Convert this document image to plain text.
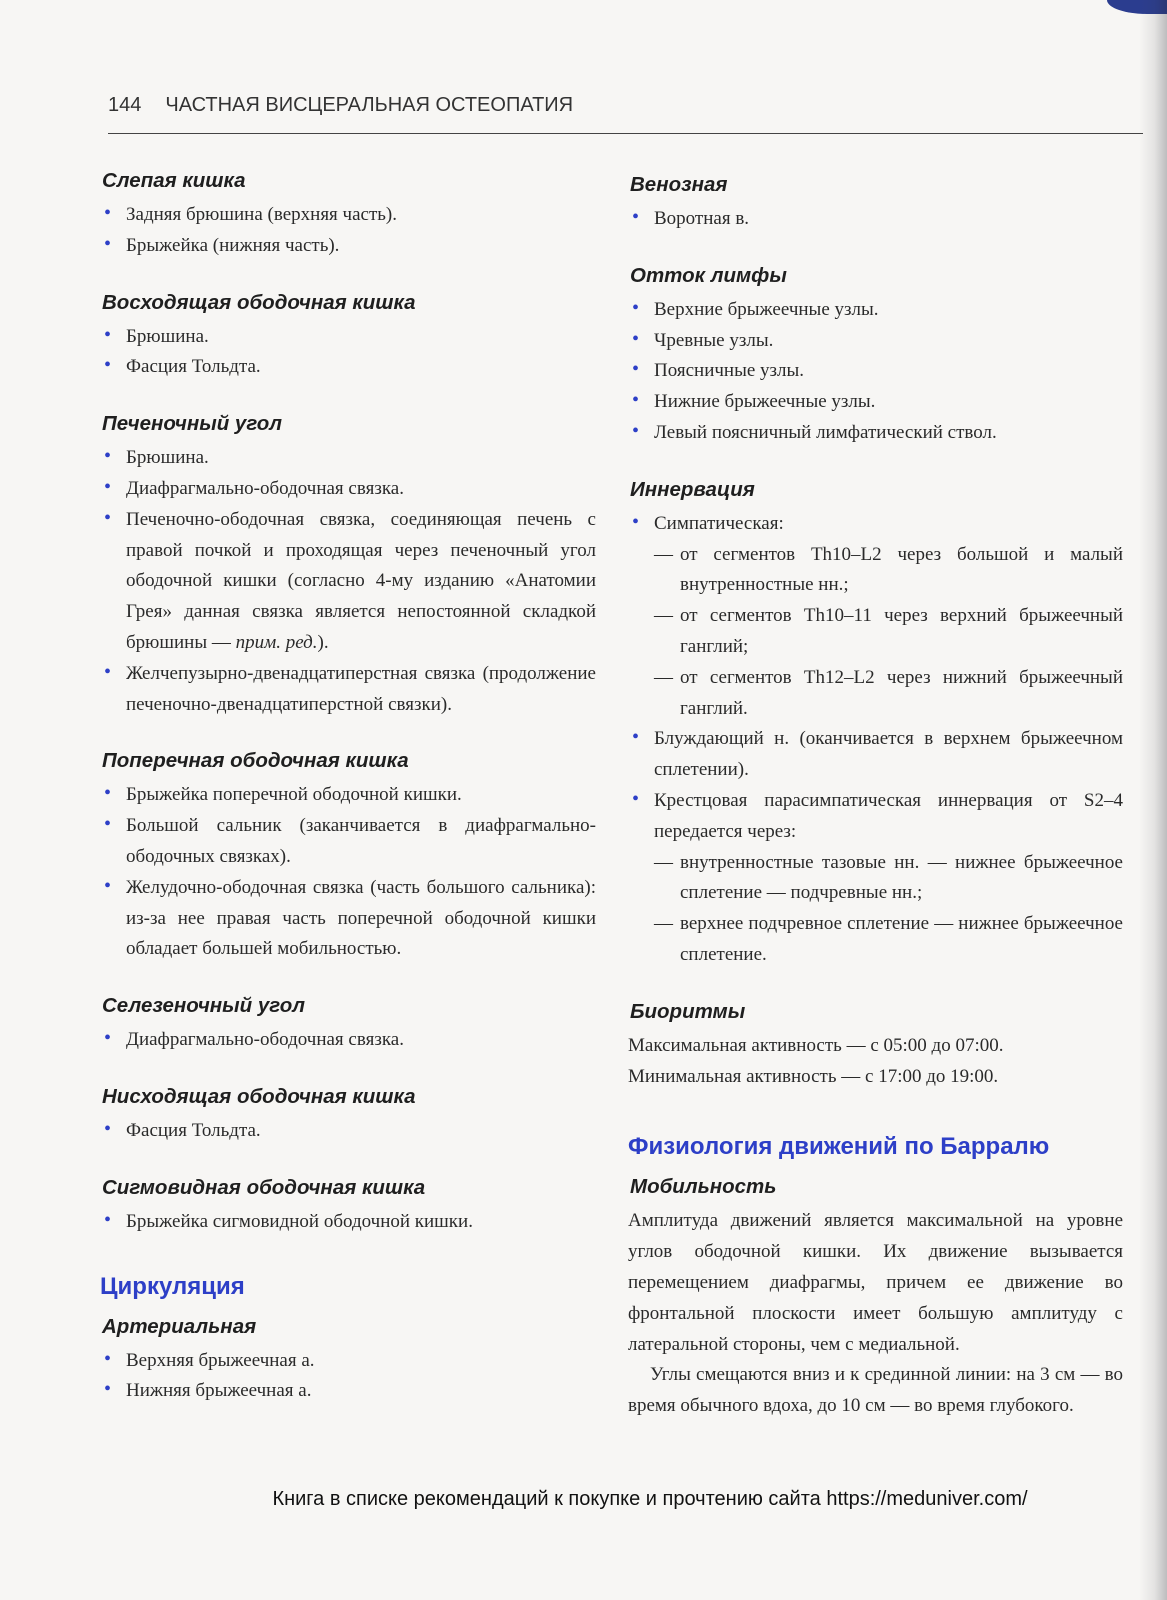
144 ЧАСТНАЯ ВИСЦЕРАЛЬНАЯ ОСТЕОПАТИЯ
Слепая кишка
• Задняя брюшина (верхняя часть).
• Брыжейка (нижняя часть).
Восходящая ободочная кишка
• Брюшина.
• Фасция Тольдта.
Печеночный угол
• Брюшина.
• Диафрагмально-ободочная связка.
• Печеночно-ободочная связка, соединяющая печень с правой почкой и проходящая через печеночный угол ободочной кишки (согласно 4-му изданию «Анатомии Грея» данная связка является непостоянной складкой брюшины — прим. ред.).
• Желчепузырно-двенадцатиперстная связка (продолжение печеночно-двенадцатиперстной связки).
Поперечная ободочная кишка
• Брыжейка поперечной ободочной кишки.
• Большой сальник (заканчивается в диафрагмально-ободочных связках).
• Желудочно-ободочная связка (часть большого сальника): из-за нее правая часть поперечной ободочной кишки обладает большей мобильностью.
Селезеночный угол
• Диафрагмально-ободочная связка.
Нисходящая ободочная кишка
• Фасция Тольдта.
Сигмовидная ободочная кишка
• Брыжейка сигмовидной ободочной кишки.
Циркуляция
Артериальная
• Верхняя брыжеечная а.
• Нижняя брыжеечная а.
Венозная
• Воротная в.
Отток лимфы
• Верхние брыжеечные узлы.
• Чревные узлы.
• Поясничные узлы.
• Нижние брыжеечные узлы.
• Левый поясничный лимфатический ствол.
Иннервация
• Симпатическая:
— от сегментов Th10–L2 через большой и малый внутренностные нн.;
— от сегментов Th10–11 через верхний брыжеечный ганглий;
— от сегментов Th12–L2 через нижний брыжеечный ганглий.
• Блуждающий н. (оканчивается в верхнем брыжеечном сплетении).
• Крестцовая парасимпатическая иннервация от S2–4 передается через:
— внутренностные тазовые нн. — нижнее брыжеечное сплетение — подчревные нн.;
— верхнее подчревное сплетение — нижнее брыжеечное сплетение.
Биоритмы

Максимальная активность — с 05:00 до 07:00.

Минимальная активность — с 17:00 до 19:00.

Физиология движений по Барралю
Мобильность

Амплитуда движений является максимальной на уровне углов ободочной кишки. Их движение вызывается перемещением диафрагмы, причем ее движение во фронтальной плоскости имеет большую амплитуду с латеральной стороны, чем с медиальной.

Углы смещаются вниз и к срединной линии: на 3 см — во время обычного вдоха, до 10 см — во время глубокого.

Книга в списке рекомендаций к покупке и прочтению сайта https://meduniver.com/
